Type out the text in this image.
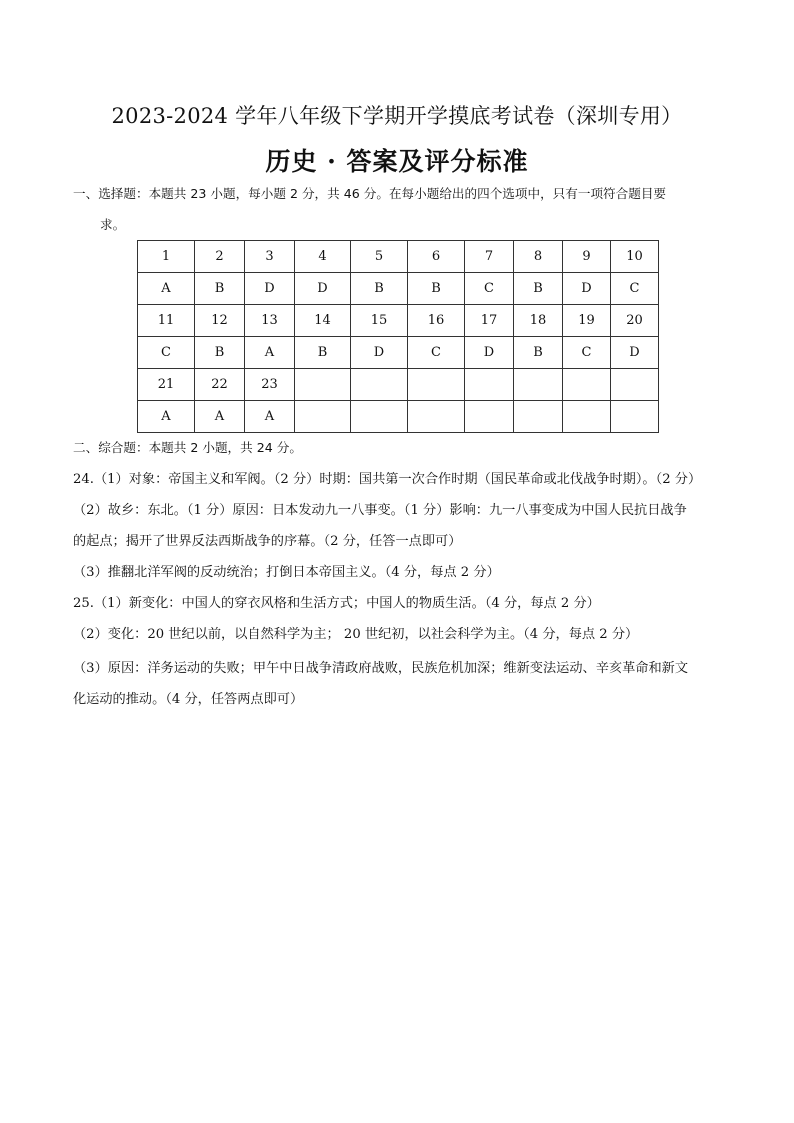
2023-2024 学年八年级下学期开学摸底考试卷（深圳专用）
历史 · 答案及评分标准
一、选择题：本题共 23 小题，每小题 2 分，共 46 分。在每小题给出的四个选项中，只有一项符合题目要
求。
1	2	3	4	5	6	7	8	9	10
A	B	D	D	B	B	C	B	D	C
11	12	13	14	15	16	17	18	19	20
C	B	A	B	D	C	D	B	C	D
21	22	23							
A	A	A							
二、综合题：本题共 2 小题，共 24 分。
24.（1）对象：帝国主义和军阀。（2 分）时期：国共第一次合作时期（国民革命或北伐战争时期）。（2 分）
（2）故乡：东北。（1 分）原因：日本发动九一八事变。（1 分）影响：九一八事变成为中国人民抗日战争
的起点；揭开了世界反法西斯战争的序幕。（2 分，任答一点即可）
（3）推翻北洋军阀的反动统治；打倒日本帝国主义。（4 分，每点 2 分）
25.（1）新变化：中国人的穿衣风格和生活方式；中国人的物质生活。（4 分，每点 2 分）
（2）变化：20 世纪以前，以自然科学为主； 20 世纪初，以社会科学为主。（4 分，每点 2 分）
（3）原因：洋务运动的失败；甲午中日战争清政府战败，民族危机加深；维新变法运动、辛亥革命和新文
化运动的推动。（4 分，任答两点即可）
